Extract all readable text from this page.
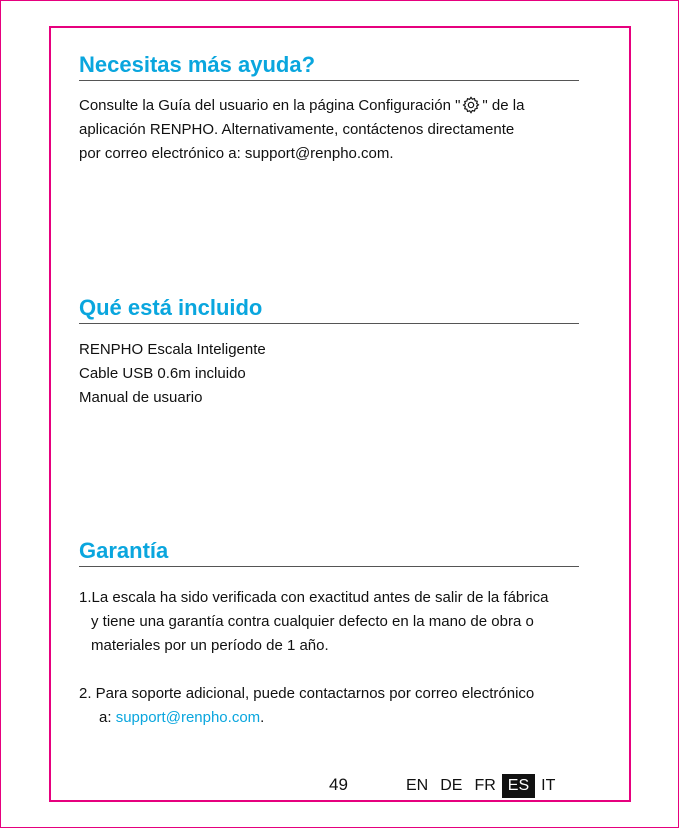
Necesitas más ayuda?
Consulte la Guía del usuario en la página Configuración " " de la
aplicación RENPHO. Alternativamente, contáctenos directamente
por correo electrónico a: support@renpho.com.
Qué está incluido
RENPHO Escala Inteligente
Cable USB 0.6m incluido
Manual de usuario
Garantía
1.La escala ha sido verificada con exactitud antes de salir de la fábrica
y tiene una garantía contra cualquier defecto en la mano de obra o
materiales por un período de 1 año.
2. Para soporte adicional, puede contactarnos por correo electrónico
a: support@renpho.com.
49	EN DE FR ES IT
